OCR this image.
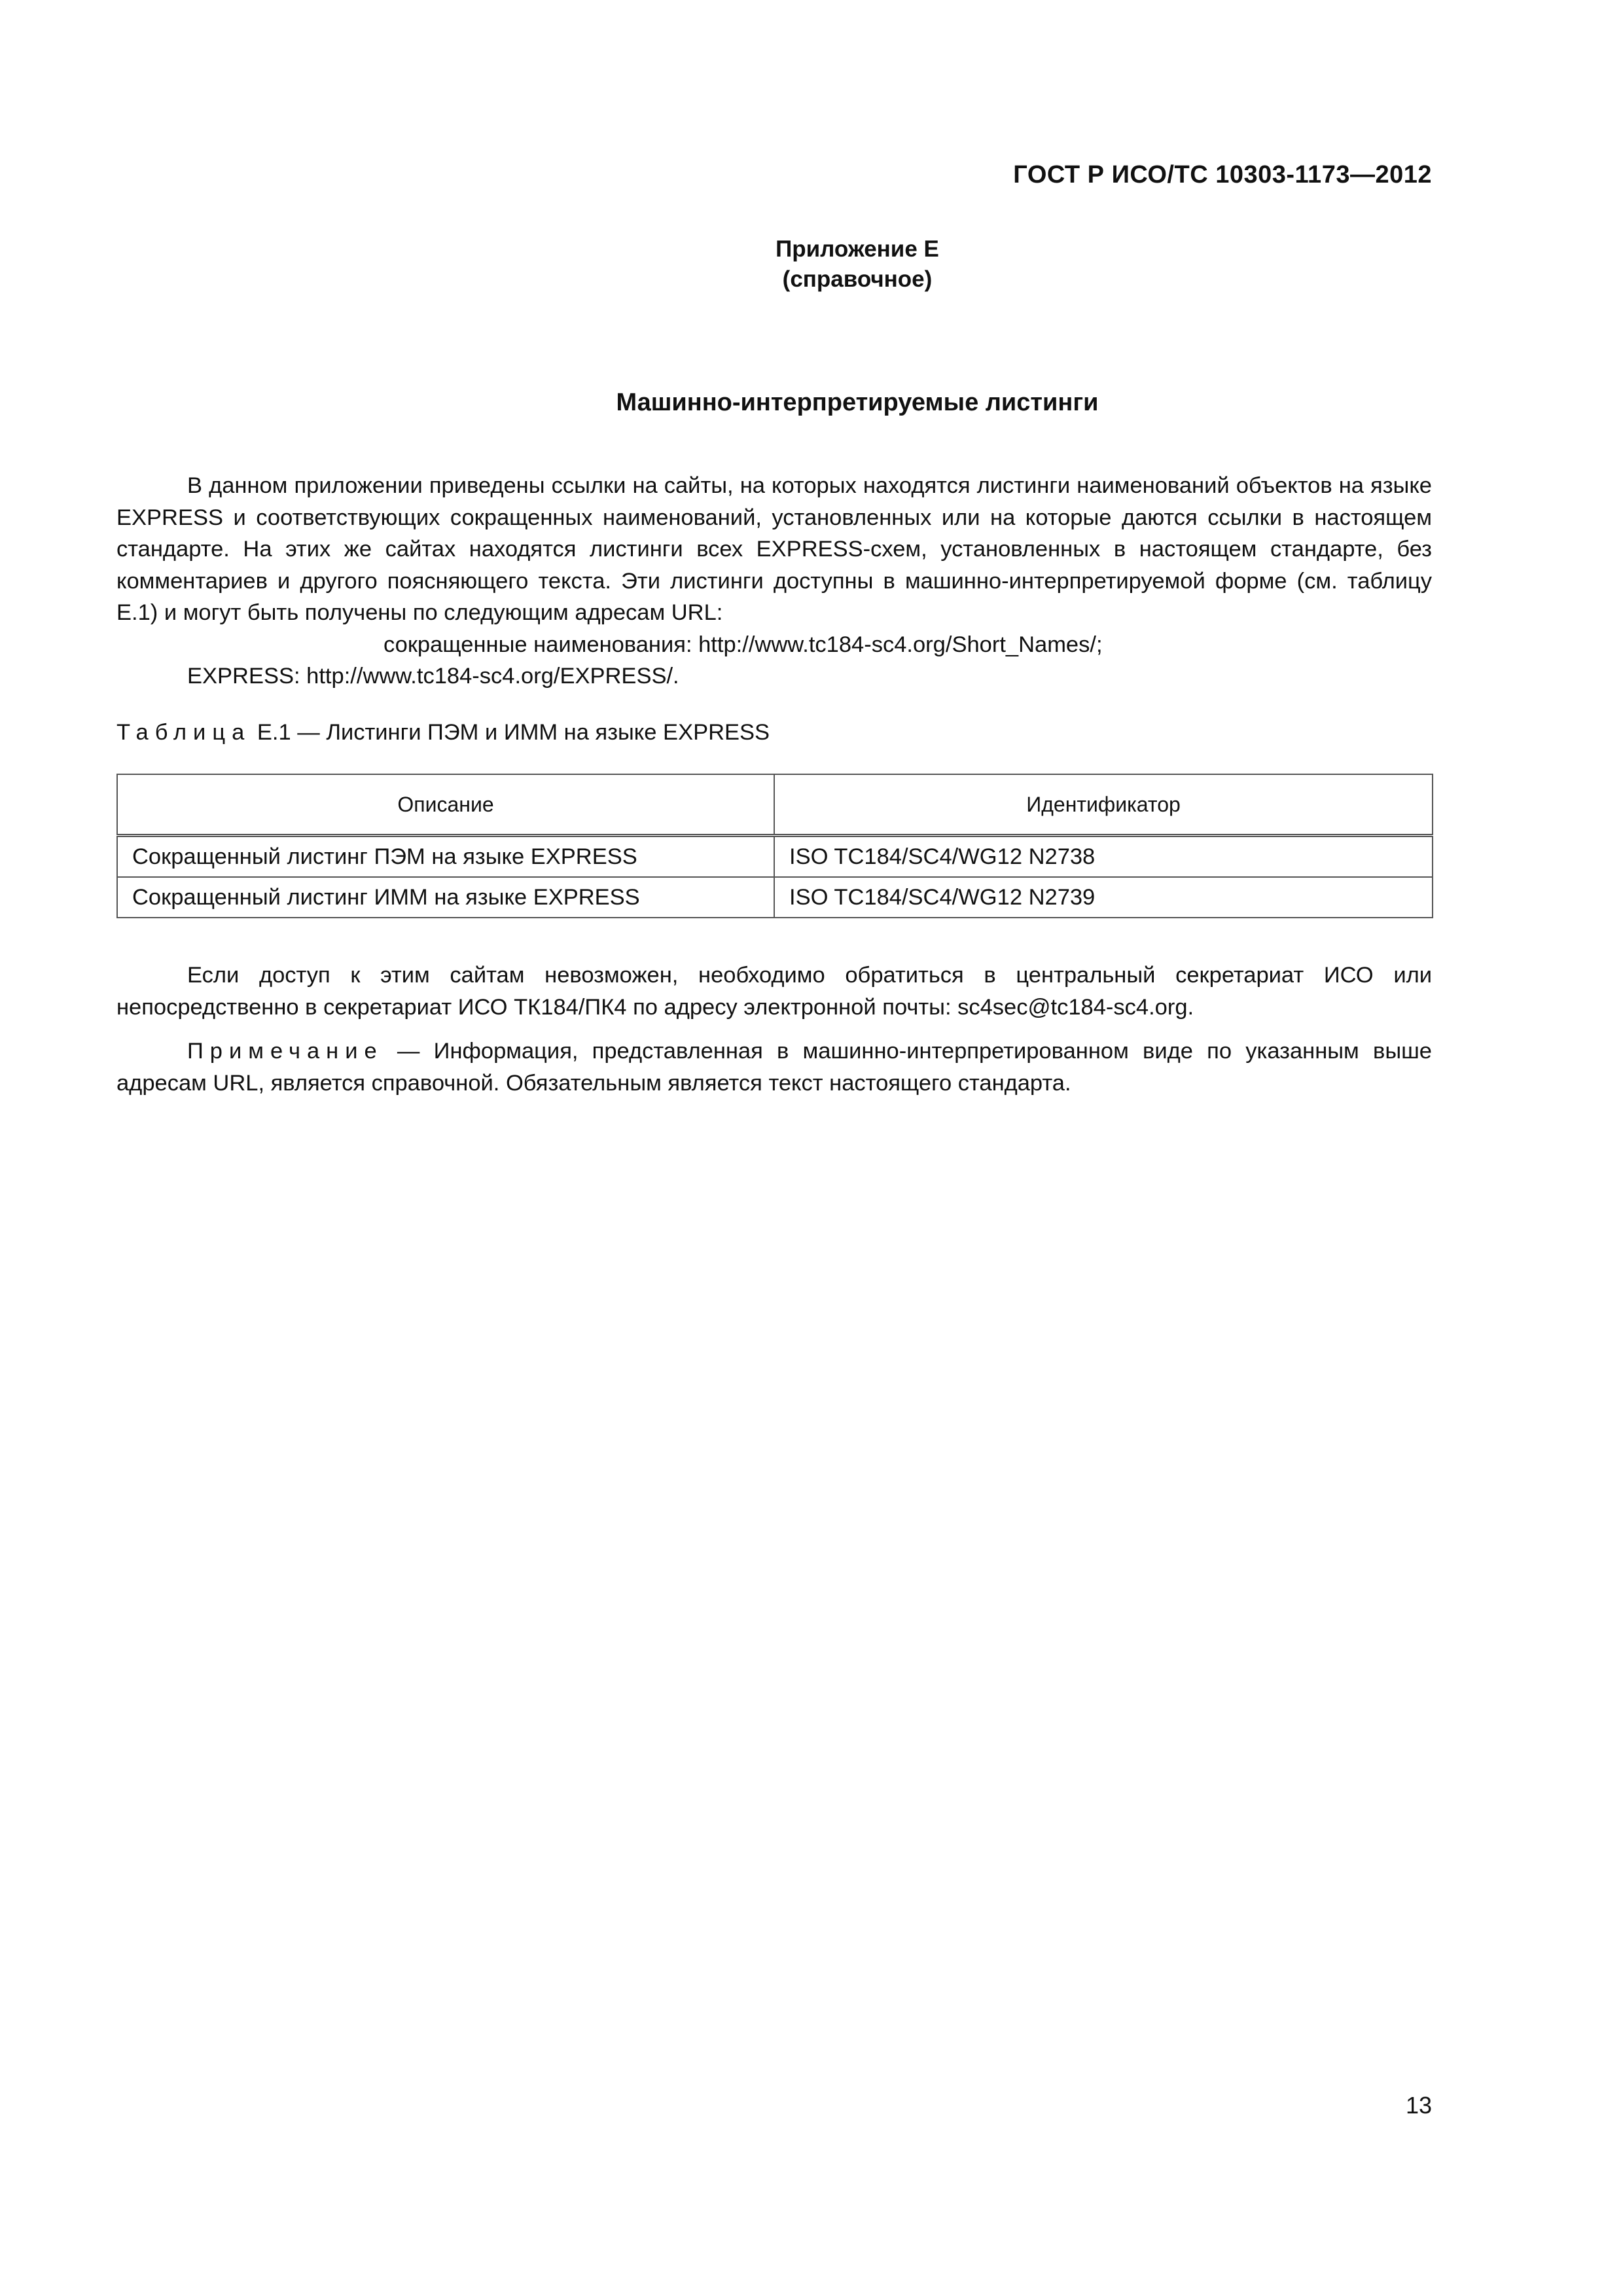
ГОСТ Р ИСО/ТС 10303-1173—2012
Приложение Е
(справочное)
Машинно-интерпретируемые листинги

В данном приложении приведены ссылки на сайты, на которых находятся листинги наименований объектов на языке EXPRESS и соответствующих сокращенных наименований, установленных или на которые даются ссылки в настоящем стандарте. На этих же сайтах находятся листинги всех EXPRESS-схем, установленных в настоящем стандарте, без комментариев и другого поясняющего текста. Эти листинги доступны в машинно-интерпретируемой форме (см. таблицу Е.1) и могут быть получены по следующим адресам URL:

сокращенные наименования: http://www.tc184-sc4.org/Short_Names/;
EXPRESS: http://www.tc184-sc4.org/EXPRESS/.
Таблица Е.1 — Листинги ПЭМ и ИММ на языке EXPRESS
Описание	Идентификатор
Сокращенный листинг ПЭМ на языке EXPRESS	ISO TC184/SC4/WG12 N2738
Сокращенный листинг ИММ на языке EXPRESS	ISO TC184/SC4/WG12 N2739

Если доступ к этим сайтам невозможен, необходимо обратиться в центральный секретариат ИСО или непосредственно в секретариат ИСО ТК184/ПК4 по адресу электронной почты: sc4sec@tc184-sc4.org.

Примечание — Информация, представленная в машинно-интерпретированном виде по указанным выше адресам URL, является справочной. Обязательным является текст настоящего стандарта.

13
